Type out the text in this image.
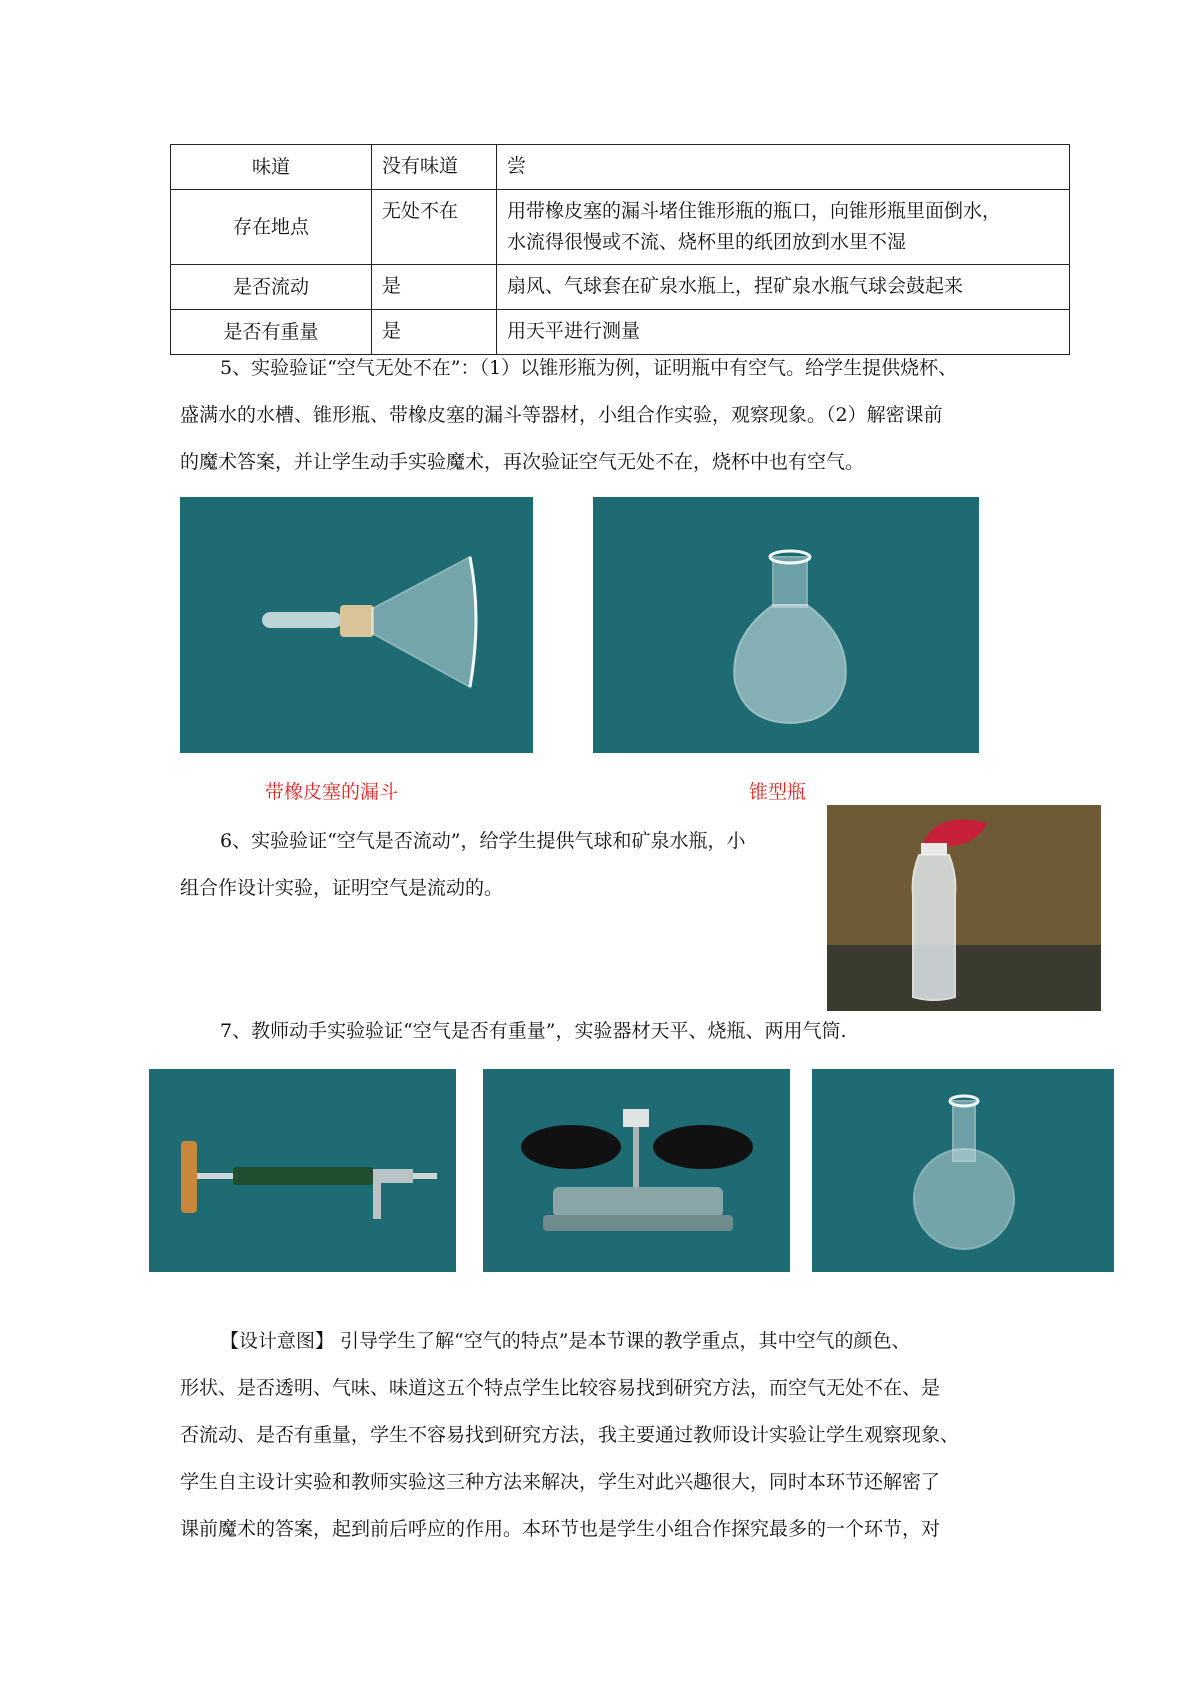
味道	没有味道	尝
存在地点	无处不在	用带橡皮塞的漏斗堵住锥形瓶的瓶口，向锥形瓶里面倒水，
水流得很慢或不流、烧杯里的纸团放到水里不湿

是否流动	是	扇风、气球套在矿泉水瓶上，捏矿泉水瓶气球会鼓起来
是否有重量	是	用天平进行测量
5、实验验证“空气无处不在”：（1）以锥形瓶为例，证明瓶中有空气。给学生提供烧杯、
盛满水的水槽、锥形瓶、带橡皮塞的漏斗等器材，小组合作实验，观察现象。（2）解密课前
的魔术答案，并让学生动手实验魔术，再次验证空气无处不在，烧杯中也有空气。
带橡皮塞的漏斗	锥型瓶
6、实验验证“空气是否流动”，给学生提供气球和矿泉水瓶，小
组合作设计实验，证明空气是流动的。
7、教师动手实验验证“空气是否有重量”，实验器材天平、烧瓶、两用气筒.
【设计意图】 引导学生了解“空气的特点”是本节课的教学重点，其中空气的颜色、
形状、是否透明、气味、味道这五个特点学生比较容易找到研究方法，而空气无处不在、是
否流动、是否有重量，学生不容易找到研究方法，我主要通过教师设计实验让学生观察现象、
学生自主设计实验和教师实验这三种方法来解决，学生对此兴趣很大，同时本环节还解密了
课前魔术的答案，起到前后呼应的作用。本环节也是学生小组合作探究最多的一个环节，对
